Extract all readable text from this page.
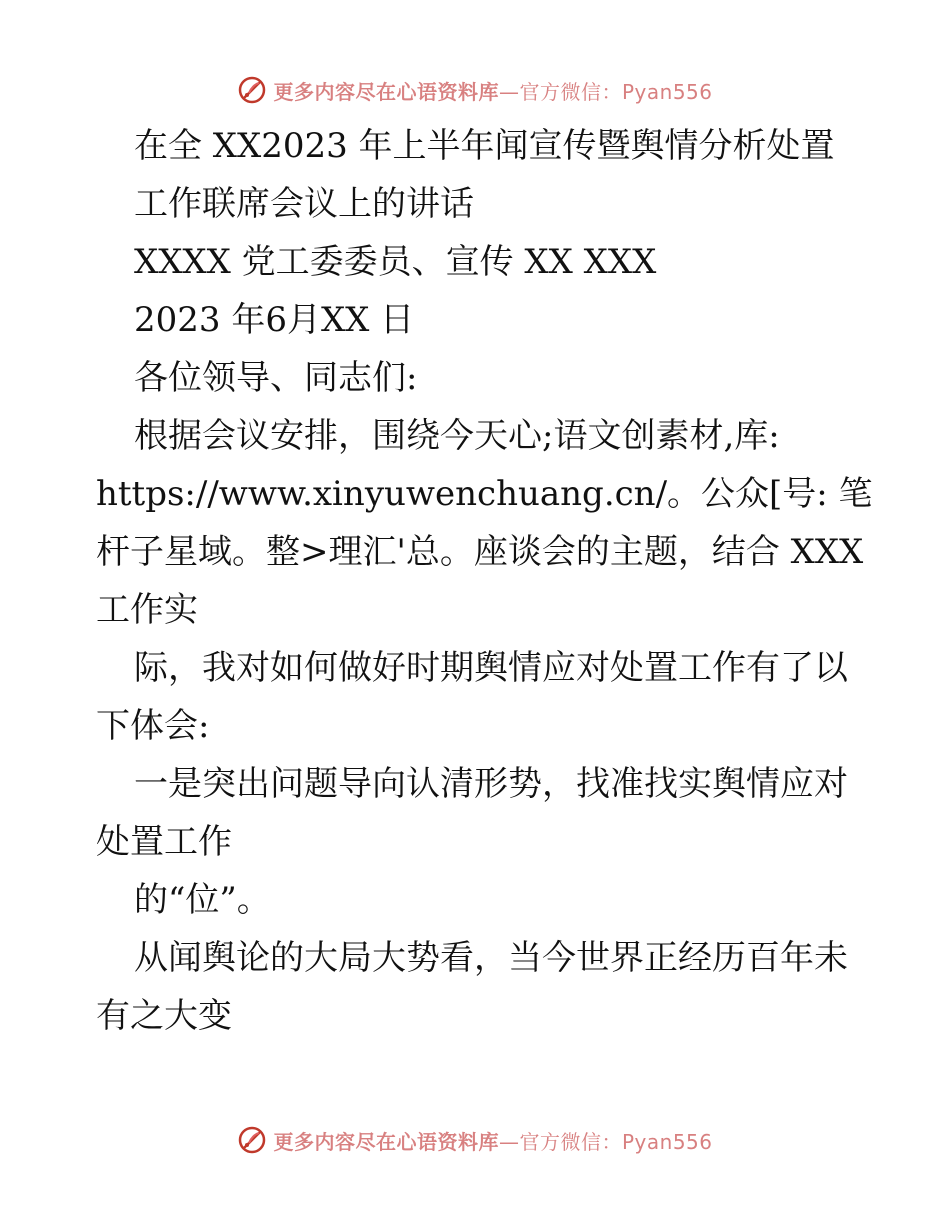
更多内容尽在心语资料库—官方微信：Pyan556
在全 XX2023 年上半年闻宣传暨舆情分析处置
工作联席会议上的讲话
XXXX 党工委委员、宣传 XX XXX
2023 年6月XX 日
各位领导、同志们:
根据会议安排，围绕今天心;语文创素材,库:
https://www.xinyuwenchuang.cn/。公众[号: 笔
杆子星域。整>理汇'总。座谈会的主题，结合 XXX
工作实
际，我对如何做好时期舆情应对处置工作有了以
下体会:
一是突出问题导向认清形势，找准找实舆情应对
处置工作
的“位”。
从闻舆论的大局大势看，当今世界正经历百年未
有之大变
更多内容尽在心语资料库—官方微信：Pyan556
